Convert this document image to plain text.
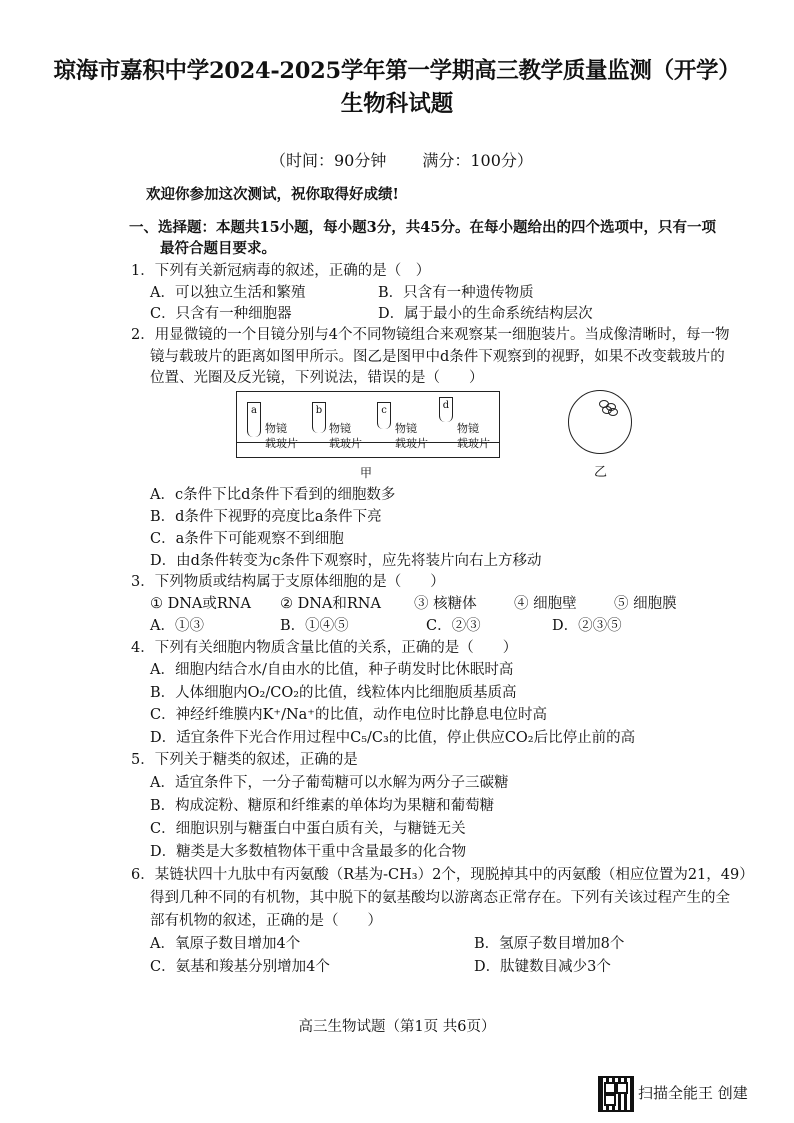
琼海市嘉积中学2024-2025学年第一学期高三教学质量监测（开学）
生物科试题
（时间：90分钟 满分：100分）
欢迎你参加这次测试，祝你取得好成绩!
一、选择题：本题共15小题，每小题3分，共45分。在每小题给出的四个选项中，只有一项
最符合题目要求。
1．下列有关新冠病毒的叙述，正确的是（　）
A．可以独立生活和繁殖	B．只含有一种遗传物质
C．只含有一种细胞器	D．属于最小的生命系统结构层次
2．用显微镜的一个目镜分别与4个不同物镜组合来观察某一细胞装片。当成像清晰时，每一物
镜与载玻片的距离如图甲所示。图乙是图甲中d条件下观察到的视野，如果不改变载玻片的
位置、光圈及反光镜，下列说法，错误的是（　　）
a
物镜
载玻片
b
物镜
载玻片
c
物镜
载玻片
d
物镜
载玻片
甲	乙
A．c条件下比d条件下看到的细胞数多
B．d条件下视野的亮度比a条件下亮
C．a条件下可能观察不到细胞
D．由d条件转变为c条件下观察时，应先将装片向右上方移动
3．下列物质或结构属于支原体细胞的是（　　）
① DNA或RNA ② DNA和RNA ③ 核糖体	④ 细胞壁	⑤ 细胞膜
A．①③	B．①④⑤	C．②③	D．②③⑤
4．下列有关细胞内物质含量比值的关系，正确的是（　　）
A．细胞内结合水/自由水的比值，种子萌发时比休眠时高
B．人体细胞内O₂/CO₂的比值，线粒体内比细胞质基质高
C．神经纤维膜内K⁺/Na⁺的比值，动作电位时比静息电位时高
D．适宜条件下光合作用过程中C₅/C₃的比值，停止供应CO₂后比停止前的高
5．下列关于糖类的叙述，正确的是
A．适宜条件下，一分子葡萄糖可以水解为两分子三碳糖
B．构成淀粉、糖原和纤维素的单体均为果糖和葡萄糖
C．细胞识别与糖蛋白中蛋白质有关，与糖链无关
D．糖类是大多数植物体干重中含量最多的化合物
6．某链状四十九肽中有丙氨酸（R基为-CH₃）2个，现脱掉其中的丙氨酸（相应位置为21，49）
得到几种不同的有机物，其中脱下的氨基酸均以游离态正常存在。下列有关该过程产生的全
部有机物的叙述，正确的是（　　）
A．氧原子数目增加4个	B．氢原子数目增加8个
C．氨基和羧基分别增加4个	D．肽键数目减少3个
高三生物试题（第1页 共6页）
扫描全能王 创建
